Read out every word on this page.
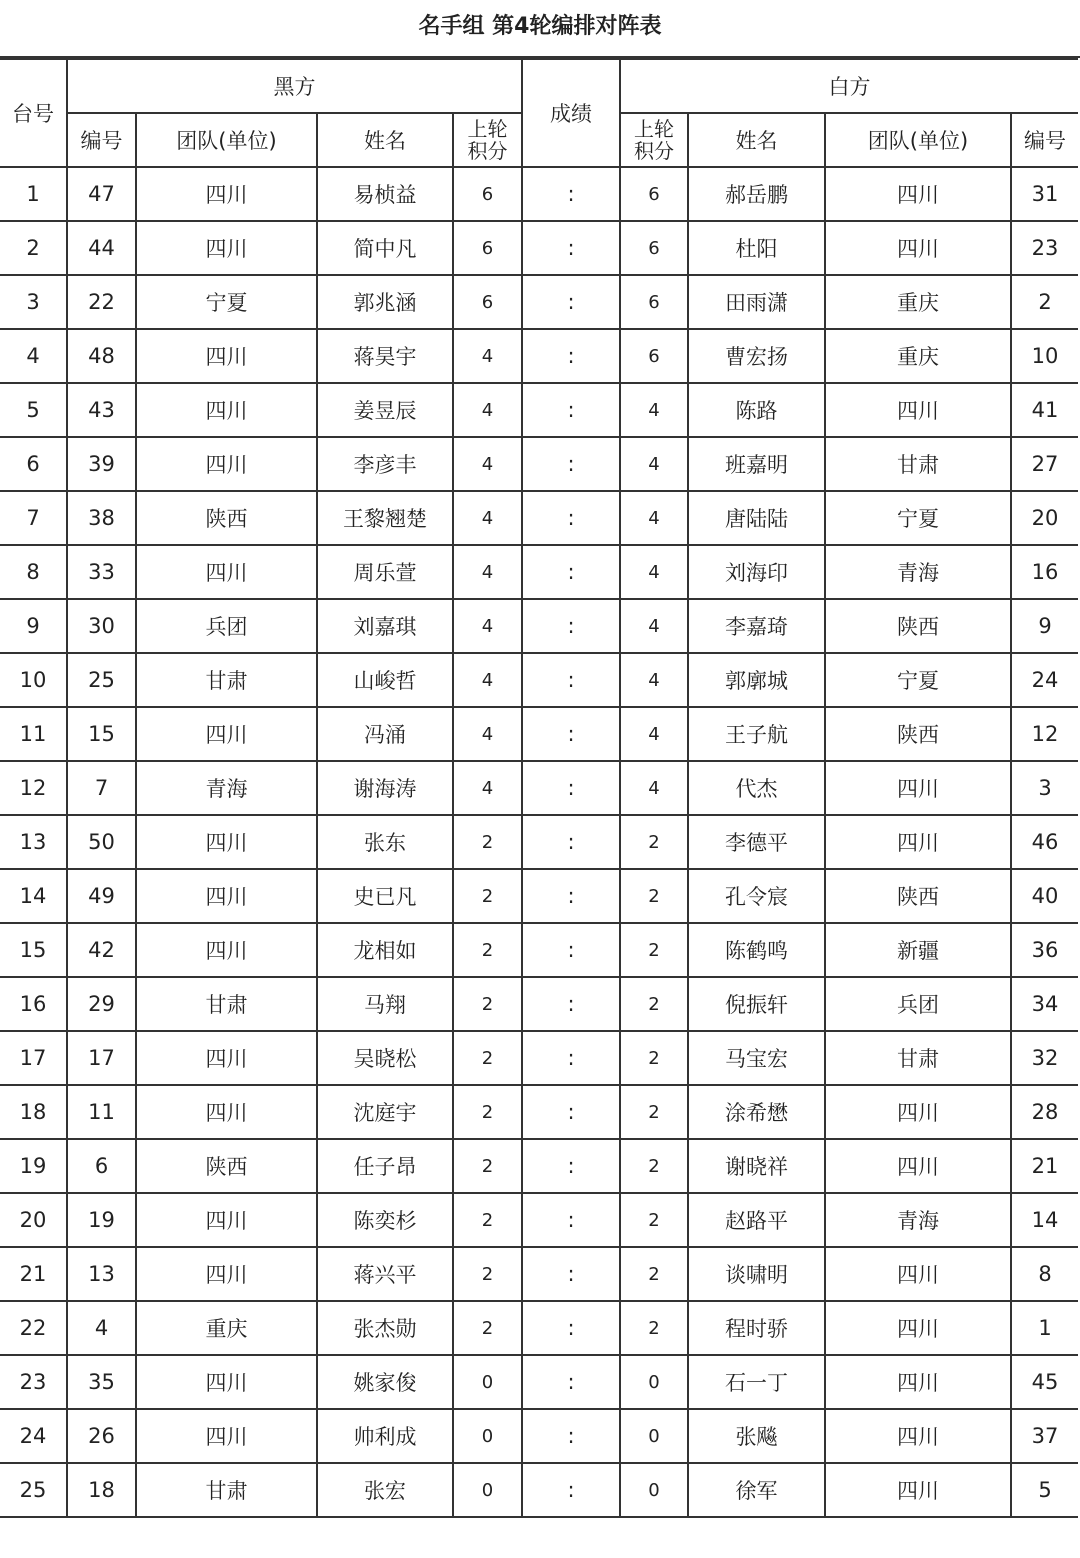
名手组 第4轮编排对阵表
台号	黑方				成绩	白方			
	编号	团队(单位)	姓名	上轮积分		上轮积分	姓名	团队(单位)	编号
1	47	四川	易桢益	6	:	6	郝岳鹏	四川	31
2	44	四川	简中凡	6	:	6	杜阳	四川	23
3	22	宁夏	郭兆涵	6	:	6	田雨潇	重庆	2
4	48	四川	蒋昊宇	4	:	6	曹宏扬	重庆	10
5	43	四川	姜昱辰	4	:	4	陈路	四川	41
6	39	四川	李彦丰	4	:	4	班嘉明	甘肃	27
7	38	陕西	王黎翘楚	4	:	4	唐陆陆	宁夏	20
8	33	四川	周乐萱	4	:	4	刘海印	青海	16
9	30	兵团	刘嘉琪	4	:	4	李嘉琦	陕西	9
10	25	甘肃	山峻哲	4	:	4	郭廓城	宁夏	24
11	15	四川	冯涌	4	:	4	王子航	陕西	12
12	7	青海	谢海涛	4	:	4	代杰	四川	3
13	50	四川	张东	2	:	2	李德平	四川	46
14	49	四川	史已凡	2	:	2	孔令宸	陕西	40
15	42	四川	龙相如	2	:	2	陈鹤鸣	新疆	36
16	29	甘肃	马翔	2	:	2	倪振轩	兵团	34
17	17	四川	吴晓松	2	:	2	马宝宏	甘肃	32
18	11	四川	沈庭宇	2	:	2	涂希懋	四川	28
19	6	陕西	任子昂	2	:	2	谢晓祥	四川	21
20	19	四川	陈奕杉	2	:	2	赵路平	青海	14
21	13	四川	蒋兴平	2	:	2	谈啸明	四川	8
22	4	重庆	张杰勋	2	:	2	程时骄	四川	1
23	35	四川	姚家俊	0	:	0	石一丁	四川	45
24	26	四川	帅利成	0	:	0	张飚	四川	37
25	18	甘肃	张宏	0	:	0	徐军	四川	5
